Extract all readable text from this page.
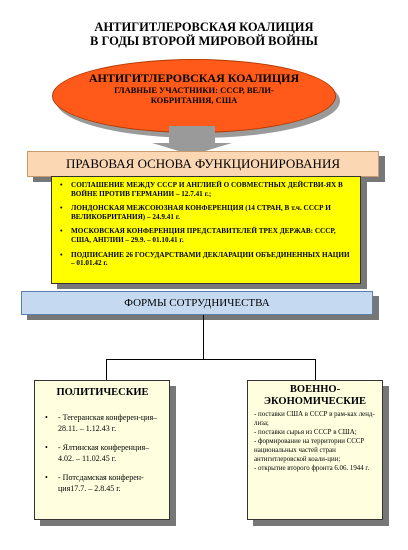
АНТИГИТЛЕРОВСКАЯ КОАЛИЦИЯ
В ГОДЫ ВТОРОЙ МИРОВОЙ ВОЙНЫ
АНТИГИТЛЕРОВСКАЯ КОАЛИЦИЯ
ГЛАВНЫЕ УЧАСТНИКИ: СССР, ВЕЛИ-КОБРИТАНИЯ, США
ПРАВОВАЯ ОСНОВА ФУНКЦИОНИРОВАНИЯ
• СОГЛАШЕНИЕ МЕЖДУ СССР И АНГЛИЕЙ О СОВМЕСТНЫХ ДЕЙСТВИ-ЯХ В ВОЙНЕ ПРОТИВ ГЕРМАНИИ – 12.7.41 г.;
• ЛОНДОНСКАЯ МЕЖСОЮЗНАЯ КОНФЕРЕНЦИЯ (14 СТРАН, В т.ч. СССР И ВЕЛИКОБРИТАНИЯ) – 24.9.41 г.
• МОСКОВСКАЯ КОНФЕРЕНЦИЯ ПРЕДСТАВИТЕЛЕЙ ТРЕХ ДЕРЖАВ: СССР, США, АНГЛИИ – 29.9. – 01.10.41 г.
• ПОДПИСАНИЕ 26 ГОСУДАРСТВАМИ ДЕКЛАРАЦИИ ОБЪЕДИНЕННЫХ НАЦИИ – 01.01.42 г.
ФОРМЫ СОТРУДНИЧЕСТВА
ПОЛИТИЧЕСКИЕ
• - Тегеранская конферен-ция– 28.11. – 1.12.43 г.
• - Ялтинская конференция– 4.02. – 11.02.45 г.
• - Потсдамская конферен-ция17.7. – 2.8.45 г.
ВОЕННО-
ЭКОНОМИЧЕСКИЕ
- поставки США в СССР в рам-ках ленд-лиза;
- поставки сырья из СССР в США;
- формирование на территории СССР национальных частей стран антигитлеровской коали-ции;
- открытие второго фронта 6.06. 1944 г.
